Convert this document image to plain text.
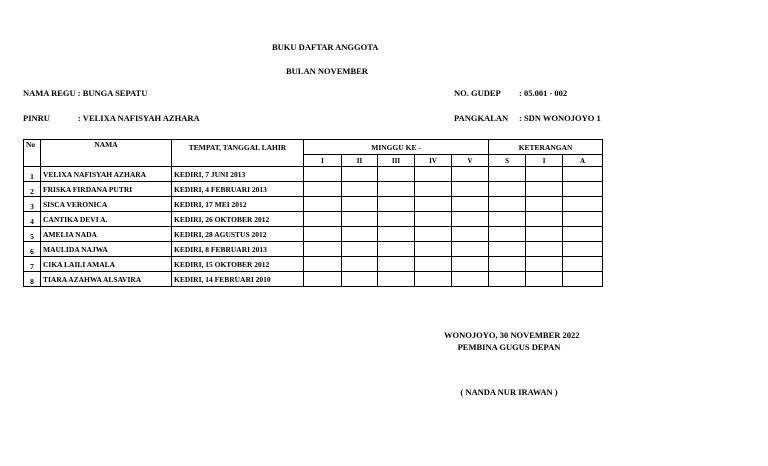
BUKU DAFTAR ANGGOTA
BULAN NOVEMBER
NAMA REGU : BUNGA SEPATU	NO. GUDEP : 05.001 - 002
PINRU	: VELIXA NAFISYAH AZHARA	PANGKALAN : SDN WONOJOYO 1
No	NAMA	TEMPAT, TANGGAL LAHIR	MINGGU KE -					KETERANGAN		
			I	II	III	IV	V	S	I	A
1	VELIXA NAFISYAH AZHARA	KEDIRI, 7 JUNI 2013								
2	FRISKA FIRDANA PUTRI	KEDIRI, 4 FEBRUARI 2013								
3	SISCA VERONICA	KEDIRI, 17 MEI 2012								
4	CANTIKA DEVI A.	KEDIRI, 26 OKTOBER 2012								
5	AMELIA NADA	KEDIRI, 28 AGUSTUS 2012								
6	MAULIDA NAJWA	KEDIRI, 8 FEBRUARI 2013								
7	CIKA LAILI AMALA	KEDIRI, 15 OKTOBER 2012								
8	TIARA AZAHWA ALSAVIRA	KEDIRI, 14 FEBRUARI 2010								
WONOJOYO, 30 NOVEMBER 2022
PEMBINA GUGUS DEPAN
( NANDA NUR IRAWAN )
